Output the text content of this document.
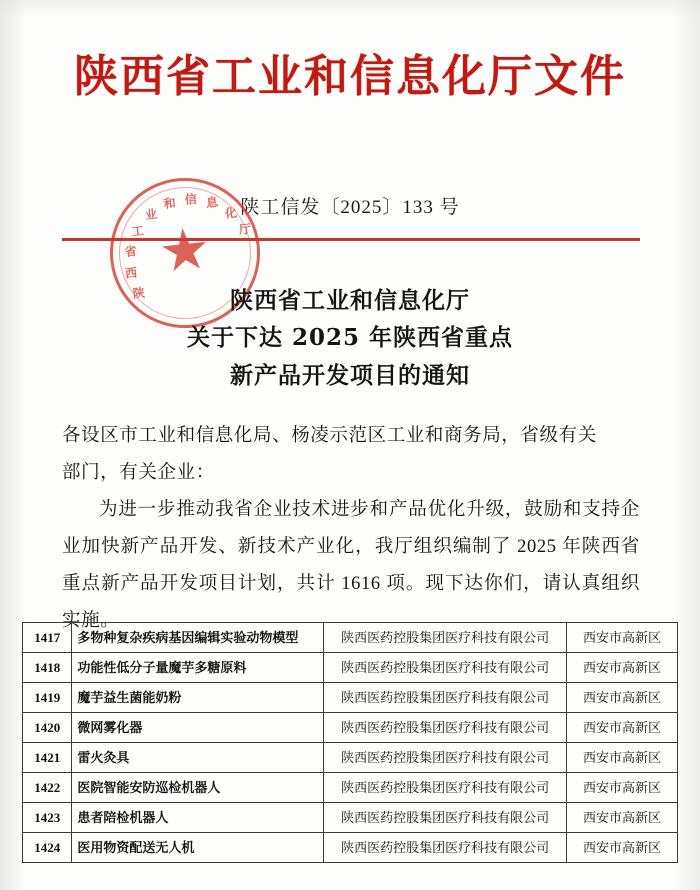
陕西省工业和信息化厅文件
陕工信发〔2025〕133 号
陕
西
省
工
业
和 信 息
化
厅
陕西省工业和信息化厅
关于下达 2025 年陕西省重点
新产品开发项目的通知

各设区市工业和信息化局、杨凌示范区工业和商务局，省级有关

部门，有关企业：

为进一步推动我省企业技术进步和产品优化升级，鼓励和支持企业加快新产品开发、新技术产业化，我厅组织编制了 2025 年陕西省重点新产品开发项目计划，共计 1616 项。现下达你们，请认真组织实施。

1417	多物种复杂疾病基因编辑实验动物模型	陕西医药控股集团医疗科技有限公司	西安市高新区
1418	功能性低分子量魔芋多糖原料	陕西医药控股集团医疗科技有限公司	西安市高新区
1419	魔芋益生菌能奶粉	陕西医药控股集团医疗科技有限公司	西安市高新区
1420	微网雾化器	陕西医药控股集团医疗科技有限公司	西安市高新区
1421	雷火灸具	陕西医药控股集团医疗科技有限公司	西安市高新区
1422	医院智能安防巡检机器人	陕西医药控股集团医疗科技有限公司	西安市高新区
1423	患者陪检机器人	陕西医药控股集团医疗科技有限公司	西安市高新区
1424	医用物资配送无人机	陕西医药控股集团医疗科技有限公司	西安市高新区
